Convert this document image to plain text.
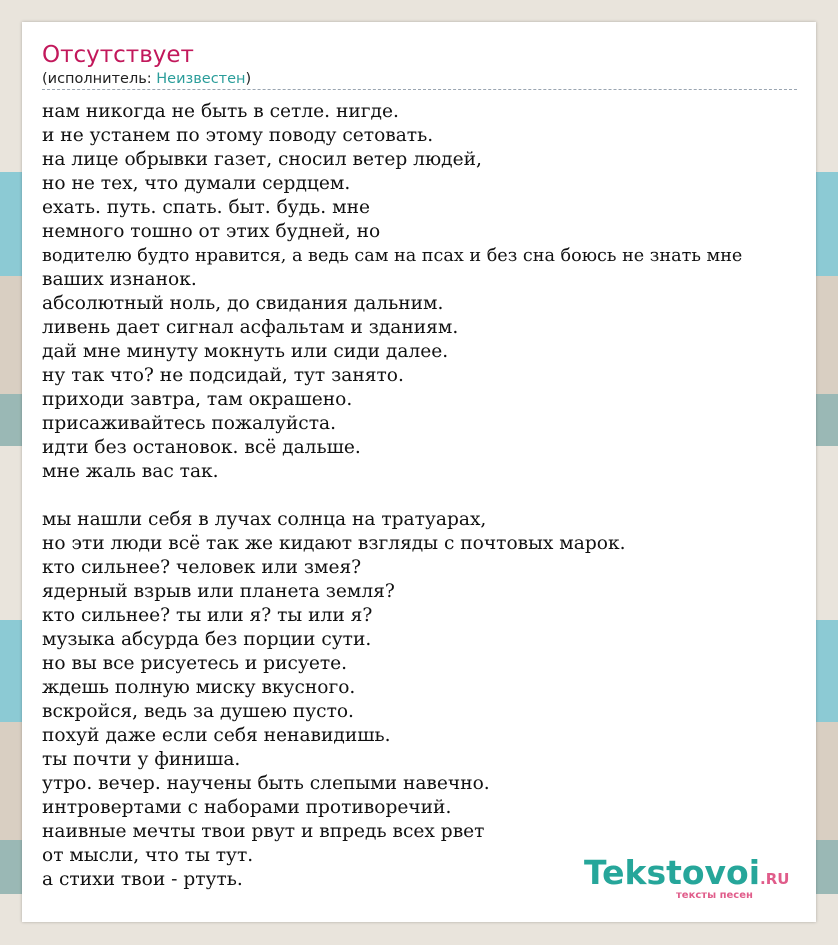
Отсутствует
(исполнитель: Неизвестен)
нам никогда не быть в сетле. нигде.
и не устанем по этому поводу сетовать.
на лице обрывки газет, сносил ветер людей,
но не тех, что думали сердцем.
ехать. путь. спать. быт. будь. мне
немного тошно от этих будней, но
водителю будто нравится, а ведь сам на псах и без сна боюсь не знать мне
ваших изнанок.
абсолютный ноль, до свидания дальним.
ливень дает сигнал асфальтам и зданиям.
дай мне минуту мокнуть или сиди далее.
ну так что? не подсидай, тут занято.
приходи завтра, там окрашено.
присаживайтесь пожалуйста.
идти без остановок. всё дальше.
мне жаль вас так.
мы нашли себя в лучах солнца на тратуарах,
но эти люди всё так же кидают взгляды с почтовых марок.
кто сильнее? человек или змея?
ядерный взрыв или планета земля?
кто сильнее? ты или я? ты или я?
музыка абсурда без порции сути.
но вы все рисуетесь и рисуете.
ждешь полную миску вкусного.
вскройся, ведь за душею пусто.
похуй даже если себя ненавидишь.
ты почти у финиша.
утро. вечер. научены быть слепыми навечно.
интровертами с наборами противоречий.
наивные мечты твои рвут и впредь всех рвет
от мысли, что ты тут.
а стихи твои - ртуть.	Tekstovoi.RU
тексты песен
